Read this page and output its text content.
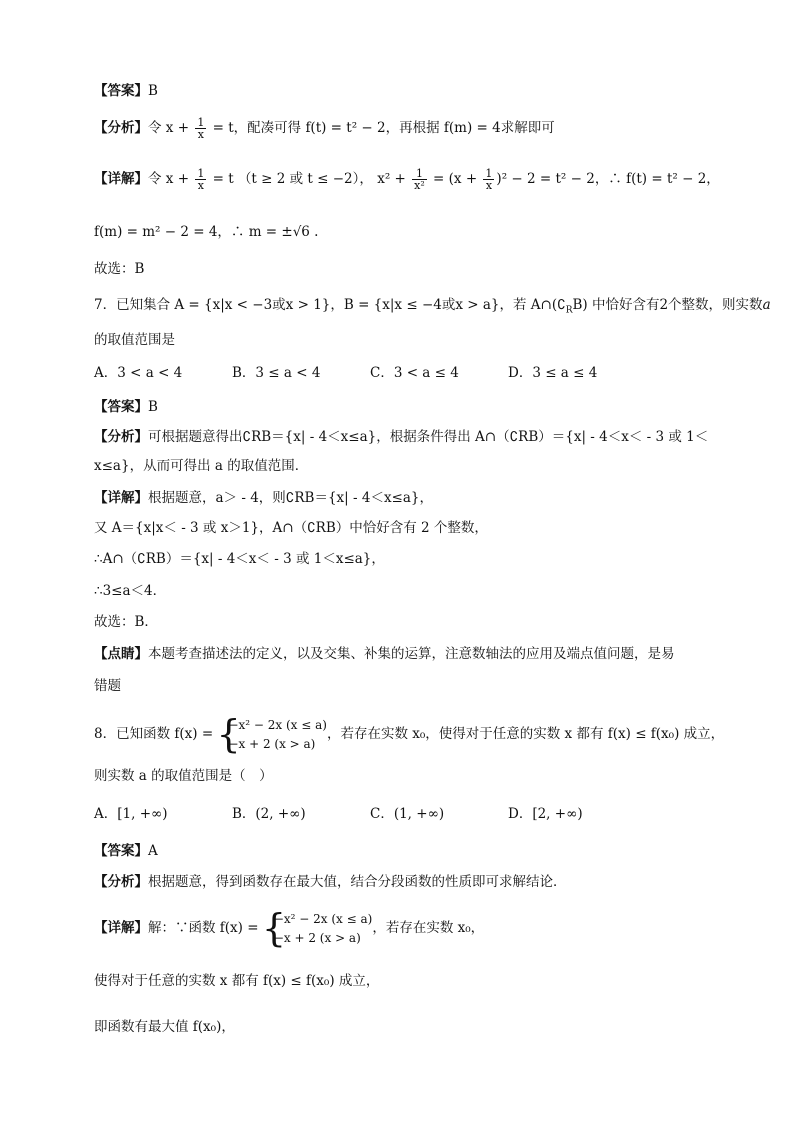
【答案】B
【分析】令 $x + \frac{1}{x} = t$，配凑可得 f(t) = t² − 2，再根据 f(m) = 4求解即可
【详解】令 $x + \frac{1}{x} = t$ （t ≥ 2 或 t ≤ −2）， $x^2 + \frac{1}{\text{x²}} = (x + \frac{1}{x} )^2 - 2 = t^2 - 2$，∴ f(t) = t² − 2，
f(m) = m² − 2 = 4，∴ m = ±√6 .
故选：B
7．已知集合 A = {x|x < −3或x > 1}，B = {x|x ≤ −4或x > a}，若 $A\cap(∁_RB)$ 中恰好含有2个整数，则实数a
的取值范围是
A．3 < a < 4	B．3 ≤ a < 4	C．3 < a ≤ 4	D．3 ≤ a ≤ 4
【答案】B
【分析】可根据题意得出∁RB＝{x| - 4＜x≤a}，根据条件得出 A∩（∁RB）＝{x| - 4＜x＜ - 3 或 1＜
x≤a}，从而可得出 a 的取值范围．
【详解】根据题意，a＞ - 4，则∁RB＝{x| - 4＜x≤a}，
又 A＝{x|x＜ - 3 或 x＞1}，A∩（∁RB）中恰好含有 2 个整数，
∴A∩（∁RB）＝{x| - 4＜x＜ - 3 或 1＜x≤a}，
∴3≤a＜4．
故选：B．
【点睛】本题考查描述法的定义，以及交集、补集的运算，注意数轴法的应用及端点值问题，是易
错题
8．已知函数 f(x) =
{ −x² − 2x (x ≤ a)
−x + 2 (x > a)
，若存在实数 x₀，使得对于任意的实数 x 都有 f(x) ≤ f(x₀) 成立，
则实数 a 的取值范围是（　）
A．[1, +∞)	B．(2, +∞)	C．(1, +∞)	D．[2, +∞)
【答案】A
【分析】根据题意，得到函数存在最大值，结合分段函数的性质即可求解结论．
【详解】解：∵函数 f(x) =
{ −x² − 2x (x ≤ a)
−x + 2 (x > a)
，若存在实数 x₀，
使得对于任意的实数 x 都有 f(x) ≤ f(x₀) 成立，
即函数有最大值 f(x₀)，
